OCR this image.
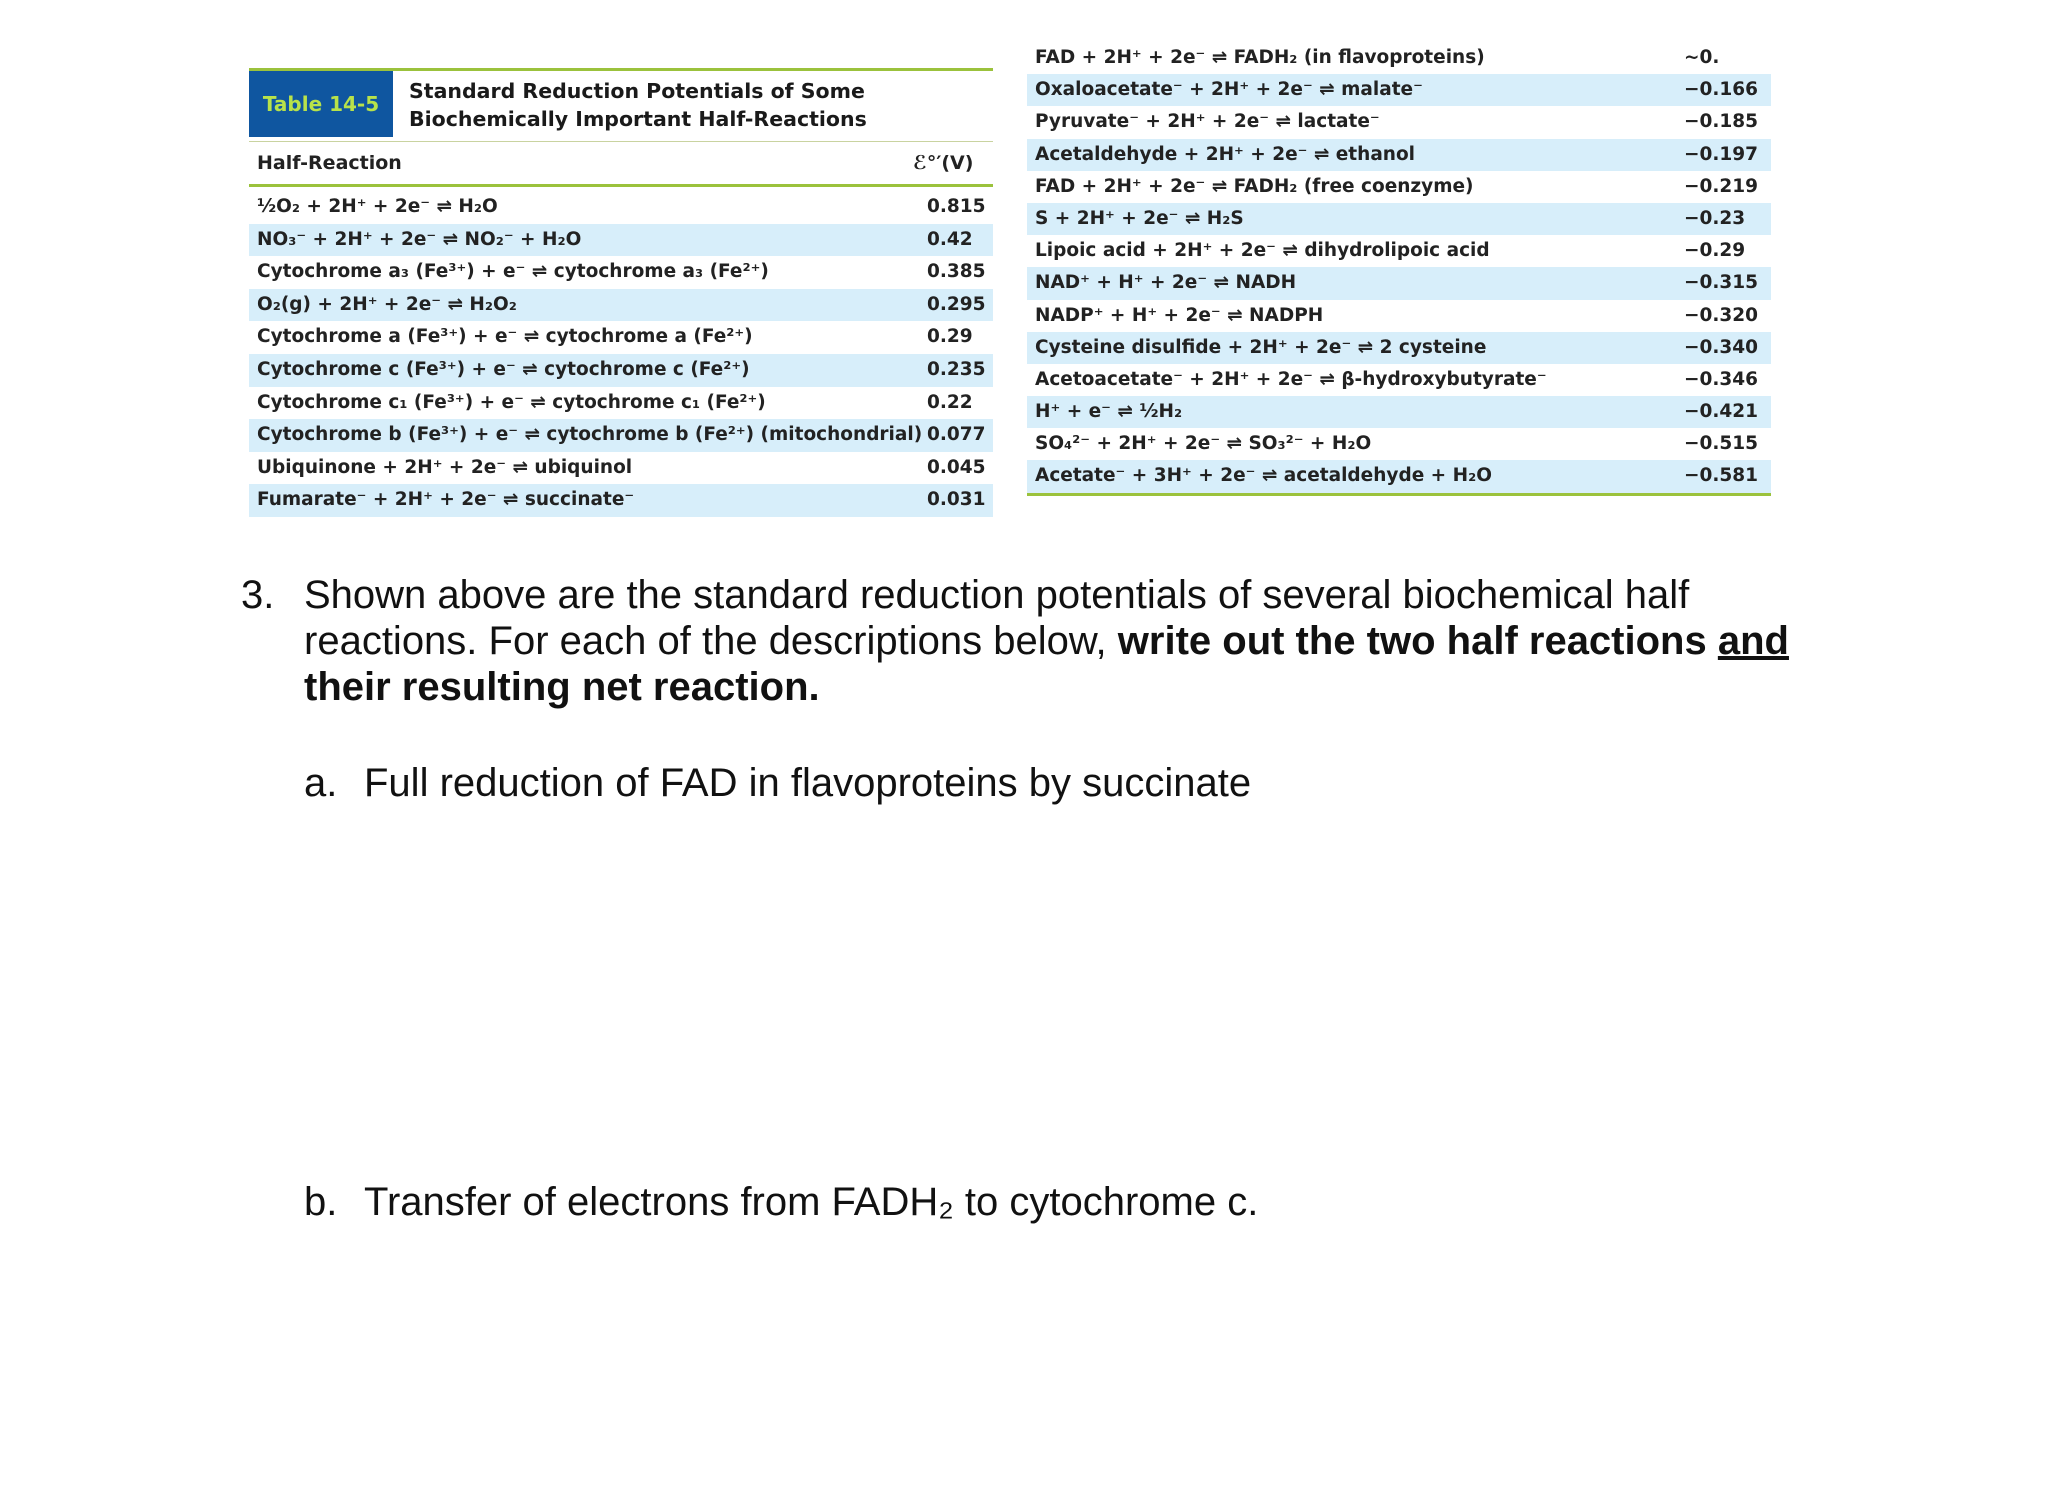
Table 14-5
Standard Reduction Potentials of Some Biochemically Important Half-Reactions
Half-Reaction	ℰ°′(V)
½O₂ + 2H⁺ + 2e⁻ ⇌ H₂O	0.815
NO₃⁻ + 2H⁺ + 2e⁻ ⇌ NO₂⁻ + H₂O	0.42
Cytochrome a₃ (Fe³⁺) + e⁻ ⇌ cytochrome a₃ (Fe²⁺)	0.385
O₂(g) + 2H⁺ + 2e⁻ ⇌ H₂O₂	0.295
Cytochrome a (Fe³⁺) + e⁻ ⇌ cytochrome a (Fe²⁺)	0.29
Cytochrome c (Fe³⁺) + e⁻ ⇌ cytochrome c (Fe²⁺)	0.235
Cytochrome c₁ (Fe³⁺) + e⁻ ⇌ cytochrome c₁ (Fe²⁺)	0.22
Cytochrome b (Fe³⁺) + e⁻ ⇌ cytochrome b (Fe²⁺) (mitochondrial) 0.077
Ubiquinone + 2H⁺ + 2e⁻ ⇌ ubiquinol	0.045
Fumarate⁻ + 2H⁺ + 2e⁻ ⇌ succinate⁻	0.031
FAD + 2H⁺ + 2e⁻ ⇌ FADH₂ (in flavoproteins)	~0.
Oxaloacetate⁻ + 2H⁺ + 2e⁻ ⇌ malate⁻	−0.166
Pyruvate⁻ + 2H⁺ + 2e⁻ ⇌ lactate⁻	−0.185
Acetaldehyde + 2H⁺ + 2e⁻ ⇌ ethanol	−0.197
FAD + 2H⁺ + 2e⁻ ⇌ FADH₂ (free coenzyme)	−0.219
S + 2H⁺ + 2e⁻ ⇌ H₂S	−0.23
Lipoic acid + 2H⁺ + 2e⁻ ⇌ dihydrolipoic acid	−0.29
NAD⁺ + H⁺ + 2e⁻ ⇌ NADH	−0.315
NADP⁺ + H⁺ + 2e⁻ ⇌ NADPH	−0.320
Cysteine disulfide + 2H⁺ + 2e⁻ ⇌ 2 cysteine	−0.340
Acetoacetate⁻ + 2H⁺ + 2e⁻ ⇌ β-hydroxybutyrate⁻	−0.346
H⁺ + e⁻ ⇌ ½H₂	−0.421
SO₄²⁻ + 2H⁺ + 2e⁻ ⇌ SO₃²⁻ + H₂O	−0.515
Acetate⁻ + 3H⁺ + 2e⁻ ⇌ acetaldehyde + H₂O	−0.581
3. Shown above are the standard reduction potentials of several biochemical half reactions. For each of the descriptions below, write out the two half reactions and their resulting net reaction.
a. Full reduction of FAD in flavoproteins by succinate
b. Transfer of electrons from FADH₂ to cytochrome c.
